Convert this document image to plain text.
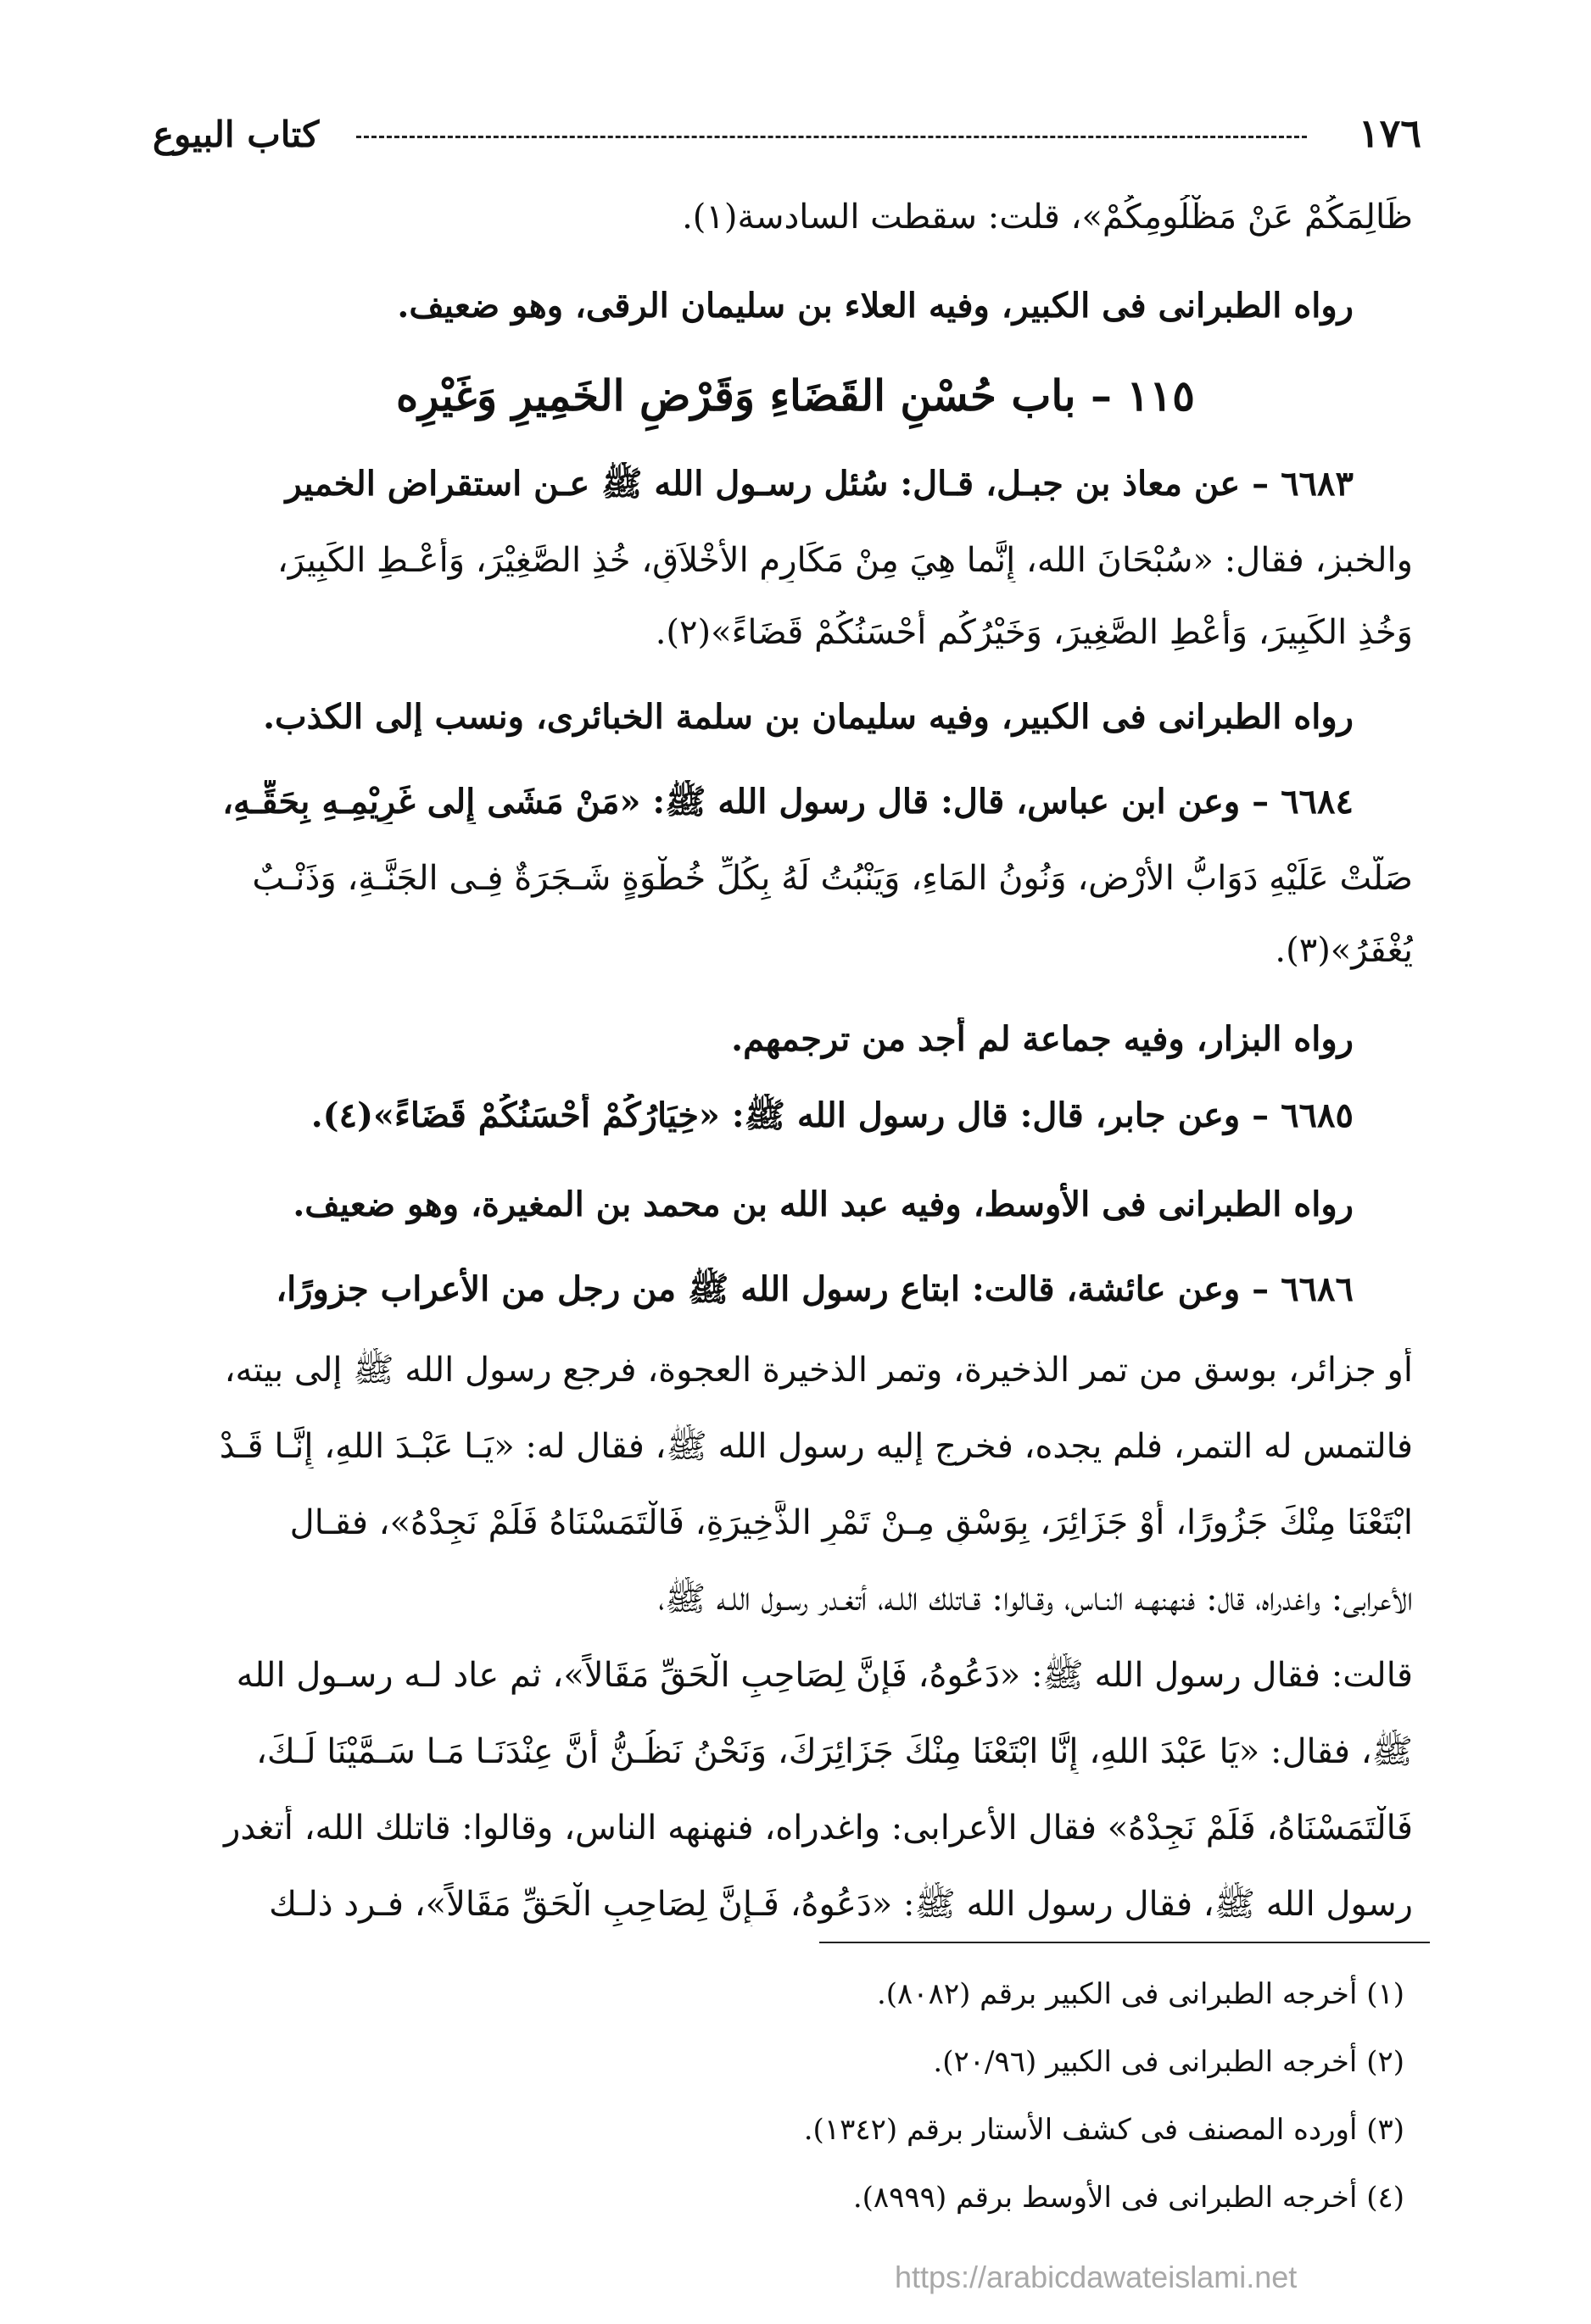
١٧٦
كتاب البيوع
ظَالِمَكُمْ عَنْ مَظْلُومِكُمْ»، قلت: سقطت السادسة(١).
رواه الطبرانى فى الكبير، وفيه العلاء بن سليمان الرقى، وهو ضعيف.
١١٥ – باب حُسْنِ القَضَاءِ وَقَرْضِ الخَمِيرِ وَغَيْرِه
٦٦٨٣ – عن معاذ بن جبـل، قـال: سُئل رسـول الله ﷺ عـن استقراض الخمير
والخبز، فقال: «سُبْحَانَ الله، إِنَّما هِيَ مِنْ مَكَارِمِ الأَخْلاَقِ، خُذِ الصَّغِيْرَ، وَأَعْـطِ الكَبِيرَ،
وَخُذِ الكَبِيرَ، وَأَعْطِ الصَّغِيرَ، وَخَيْرُكُم أَحْسَنُكُمْ قَضَاءً»(٢).
رواه الطبرانى فى الكبير، وفيه سليمان بن سلمة الخبائرى، ونسب إلى الكذب.
٦٦٨٤ – وعن ابن عباس، قال: قال رسول الله ﷺ: «مَنْ مَشَى إِلى غَرِيْمِـهِ بِحَقِّـهِ،
صَلَّتْ عَلَيْهِ دَوَابُّ الأَرْضِ، وَنُونُ المَاءِ، وَيَنْبُتُ لَهُ بِكُلِّ خُطْوَةٍ شَـجَرَةٌ فِـى الجَنَّـةِ، وَذَنْـبٌ
يُغْفَرُ»(٣).
رواه البزار، وفيه جماعة لم أجد من ترجمهم.
٦٦٨٥ – وعن جابر، قال: قال رسول الله ﷺ: «خِيَارُكُمْ أَحْسَنُكُمْ قَضَاءً»(٤).
رواه الطبرانى فى الأوسط، وفيه عبد الله بن محمد بن المغيرة، وهو ضعيف.
٦٦٨٦ – وعن عائشة، قالت: ابتاع رسول الله ﷺ من رجل من الأعراب جزورًا،
أو جزائر، بوسق من تمر الذخيرة، وتمر الذخيرة العجوة، فرجع رسول الله ﷺ إلى بيته،
فالتمس له التمر، فلم يجده، فخرج إليه رسول الله ﷺ، فقال له: «يَـا عَبْـدَ اللهِ، إِنَّـا قَـدْ
ابْتَعْنَا مِنْكَ جَزُورًا، أَوْ جَزَائِرَ، بِوَسْقٍ مِـنْ تَمْرِ الذَّخِيرَةِ، فَالْتَمَسْنَاهُ فَلَمْ نَجِدْهُ»، فقـال
الأعرابى: واغدراه، قال: فنهنهـه النـاس، وقـالوا: قـاتلك اللـه، أتغـدر رسـول اللـه ﷺ،
قالت: فقال رسول الله ﷺ: «دَعُوهُ، فَإِنَّ لِصَاحِبِ الْحَقِّ مَقَالاً»، ثم عاد لـه رسـول الله
ﷺ، فقال: «يَا عَبْدَ اللهِ، إِنَّا ابْتَعْنَا مِنْكَ جَزَائِرَكَ، وَنَحْنُ نَظُـنُّ أَنَّ عِنْدَنَـا مَـا سَـمَّيْنَا لَـكَ،
فَالْتَمَسْنَاهُ، فَلَمْ نَجِدْهُ» فقال الأعرابى: واغدراه، فنهنهه الناس، وقالوا: قاتلك الله، أتغدر
رسول الله ﷺ، فقال رسول الله ﷺ: «دَعُوهُ، فَـإِنَّ لِصَاحِبِ الْحَقِّ مَقَالاً»، فـرد ذلـك
(١) أخرجه الطبرانى فى الكبير برقم (٨٠٨٢).
(٢) أخرجه الطبرانى فى الكبير (٢٠/٩٦).
(٣) أورده المصنف فى كشف الأستار برقم (١٣٤٢).
(٤) أخرجه الطبرانى فى الأوسط برقم (٨٩٩٩).
https://arabicdawateislami.net
